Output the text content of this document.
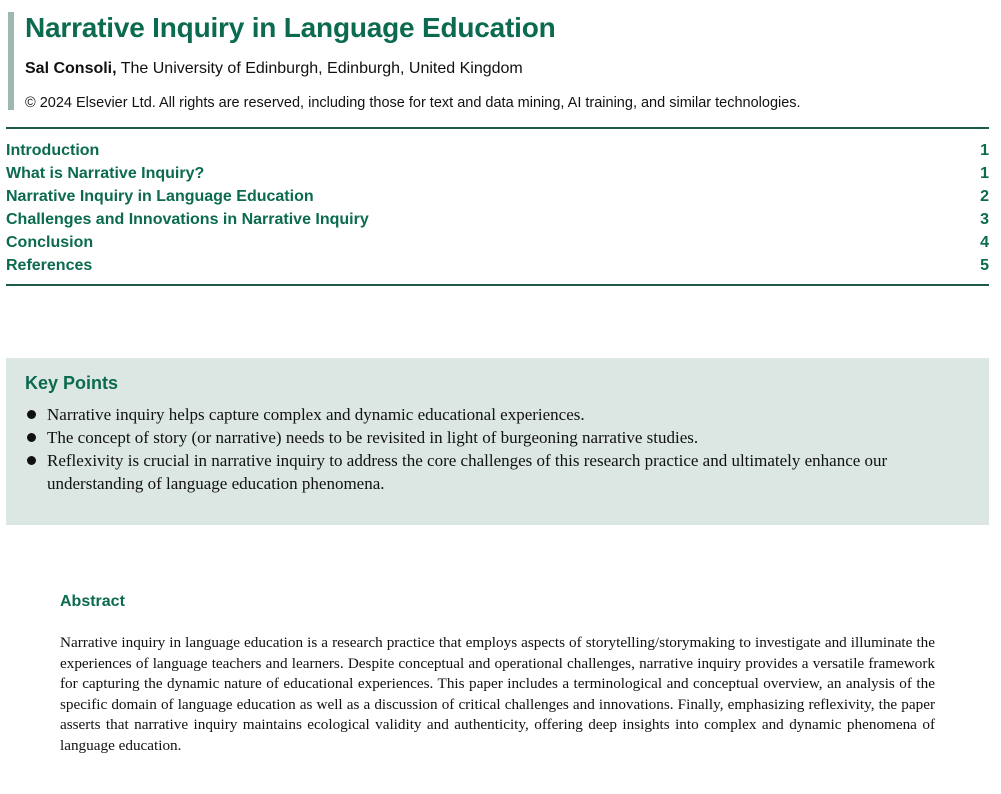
Narrative Inquiry in Language Education
Sal Consoli, The University of Edinburgh, Edinburgh, United Kingdom
© 2024 Elsevier Ltd. All rights are reserved, including those for text and data mining, AI training, and similar technologies.
Introduction	1
What is Narrative Inquiry?	1
Narrative Inquiry in Language Education	2
Challenges and Innovations in Narrative Inquiry	3
Conclusion	4
References	5
Key Points
Narrative inquiry helps capture complex and dynamic educational experiences.
The concept of story (or narrative) needs to be revisited in light of burgeoning narrative studies.
Reflexivity is crucial in narrative inquiry to address the core challenges of this research practice and ultimately enhance our understanding of language education phenomena.
Abstract

Narrative inquiry in language education is a research practice that employs aspects of storytelling/storymaking to investigate and illuminate the experiences of language teachers and learners. Despite conceptual and operational challenges, narrative inquiry provides a versatile framework for capturing the dynamic nature of educational experiences. This paper includes a terminological and conceptual overview, an analysis of the specific domain of language education as well as a discussion of critical challenges and innovations. Finally, emphasizing reflexivity, the paper asserts that narrative inquiry maintains ecological validity and authenticity, offering deep insights into complex and dynamic phenomena of language education.
